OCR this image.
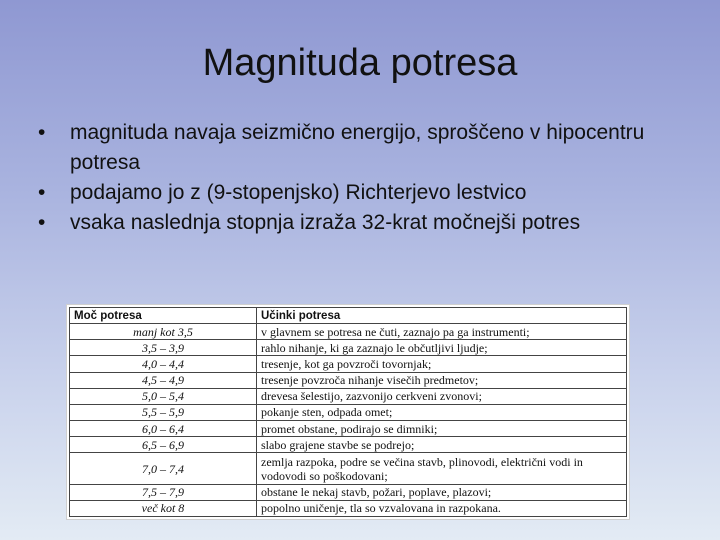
Magnituda potresa
• magnituda navaja seizmično energijo, sproščeno v hipocentru potresa
• podajamo jo z (9-stopenjsko) Richterjevo lestvico
• vsaka naslednja stopnja izraža 32-krat močnejši potres
Moč potresa	Učinki potresa
manj kot 3,5	v glavnem se potresa ne čuti, zaznajo pa ga instrumenti;
3,5 – 3,9	rahlo nihanje, ki ga zaznajo le občutljivi ljudje;
4,0 – 4,4	tresenje, kot ga povzroči tovornjak;
4,5 – 4,9	tresenje povzroča nihanje visečih predmetov;
5,0 – 5,4	drevesa šelestijo, zazvonijo cerkveni zvonovi;
5,5 – 5,9	pokanje sten, odpada omet;
6,0 – 6,4	promet obstane, podirajo se dimniki;
6,5 – 6,9	slabo grajene stavbe se podrejo;
7,0 – 7,4	zemlja razpoka, podre se večina stavb, plinovodi, električni vodi in vodovodi so poškodovani;
7,5 – 7,9	obstane le nekaj stavb, požari, poplave, plazovi;
več kot 8	popolno uničenje, tla so vzvalovana in razpokana.
